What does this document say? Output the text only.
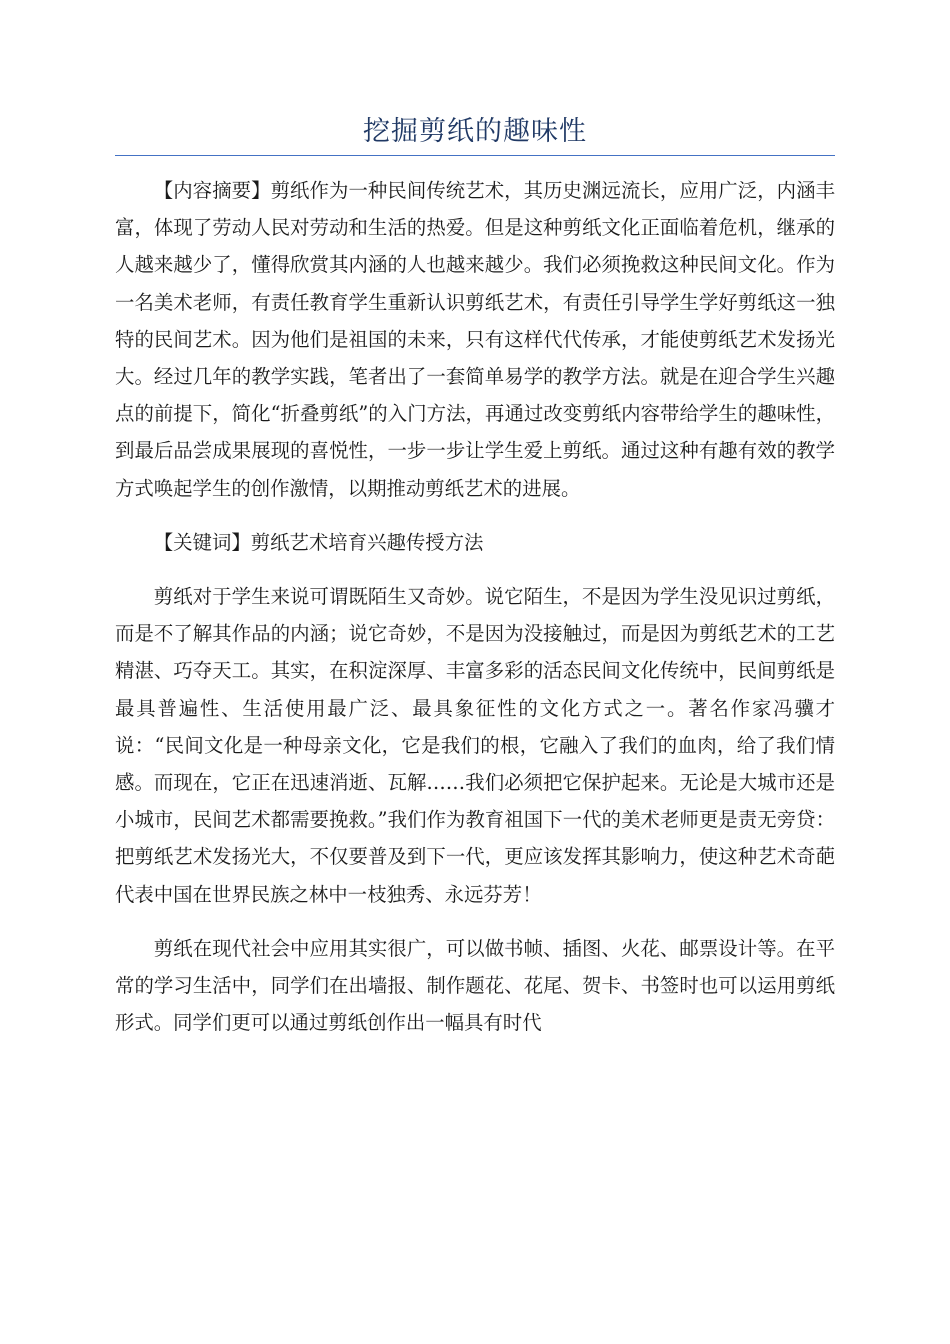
挖掘剪纸的趣味性

【内容摘要】剪纸作为一种民间传统艺术，其历史渊远流长，应用广泛，内涵丰富，体现了劳动人民对劳动和生活的热爱。但是这种剪纸文化正面临着危机，继承的人越来越少了，懂得欣赏其内涵的人也越来越少。我们必须挽救这种民间文化。作为一名美术老师，有责任教育学生重新认识剪纸艺术，有责任引导学生学好剪纸这一独特的民间艺术。因为他们是祖国的未来，只有这样代代传承，才能使剪纸艺术发扬光大。经过几年的教学实践，笔者出了一套简单易学的教学方法。就是在迎合学生兴趣点的前提下，简化“折叠剪纸”的入门方法，再通过改变剪纸内容带给学生的趣味性，到最后品尝成果展现的喜悦性，一步一步让学生爱上剪纸。通过这种有趣有效的教学方式唤起学生的创作激情，以期推动剪纸艺术的进展。

【关键词】剪纸艺术培育兴趣传授方法

剪纸对于学生来说可谓既陌生又奇妙。说它陌生，不是因为学生没见识过剪纸，而是不了解其作品的内涵；说它奇妙，不是因为没接触过，而是因为剪纸艺术的工艺精湛、巧夺天工。其实，在积淀深厚、丰富多彩的活态民间文化传统中，民间剪纸是最具普遍性、生活使用最广泛、最具象征性的文化方式之一。著名作家冯骥才说：“民间文化是一种母亲文化，它是我们的根，它融入了我们的血肉，给了我们情感。而现在，它正在迅速消逝、瓦解……我们必须把它保护起来。无论是大城市还是小城市，民间艺术都需要挽救。”我们作为教育祖国下一代的美术老师更是责无旁贷：把剪纸艺术发扬光大，不仅要普及到下一代，更应该发挥其影响力，使这种艺术奇葩代表中国在世界民族之林中一枝独秀、永远芬芳！

剪纸在现代社会中应用其实很广，可以做书帧、插图、火花、邮票设计等。在平常的学习生活中，同学们在出墙报、制作题花、花尾、贺卡、书签时也可以运用剪纸形式。同学们更可以通过剪纸创作出一幅具有时代
